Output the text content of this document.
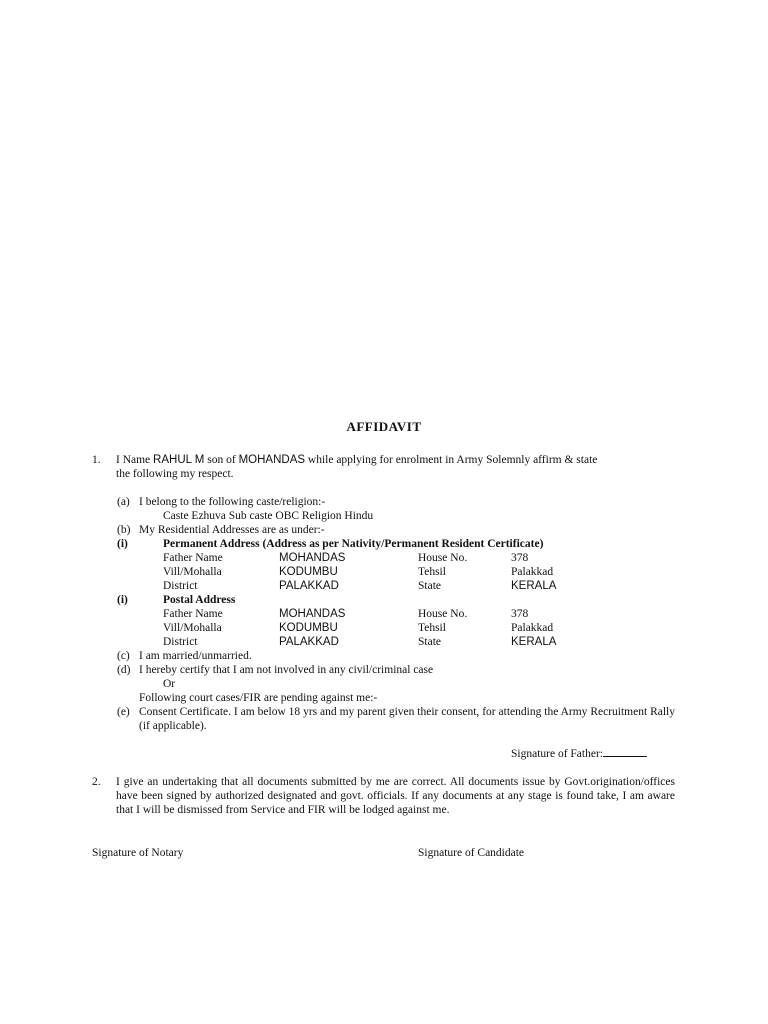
AFFIDAVIT
1. I Name RAHUL M son of MOHANDAS while applying for enrolment in Army Solemnly affirm & state
the following my respect.
(a) I belong to the following caste/religion:-
Caste Ezhuva Sub caste OBC Religion Hindu
(b) My Residential Addresses are as under:-
(i)	Permanent Address (Address as per Nativity/Permanent Resident Certificate)
Father Name	MOHANDAS	House No.	378
Vill/Mohalla	KODUMBU	Tehsil	Palakkad
District	PALAKKAD	State	KERALA
(i)	Postal Address
Father Name	MOHANDAS	House No.	378
Vill/Mohalla	KODUMBU	Tehsil	Palakkad
District	PALAKKAD	State	KERALA
(c) I am married/unmarried.
(d) I hereby certify that I am not involved in any civil/criminal case
Or
Following court cases/FIR are pending against me:-
(e) Consent Certificate. I am below 18 yrs and my parent given their consent, for attending the Army Recruitment Rally (if applicable).
Signature of Father:
2. I give an undertaking that all documents submitted by me are correct. All documents issue by Govt.origination/offices have been signed by authorized designated and govt. officials. If any documents at any stage is found take, I am aware that I will be dismissed from Service and FIR will be lodged against me.
Signature of Notary	Signature of Candidate
